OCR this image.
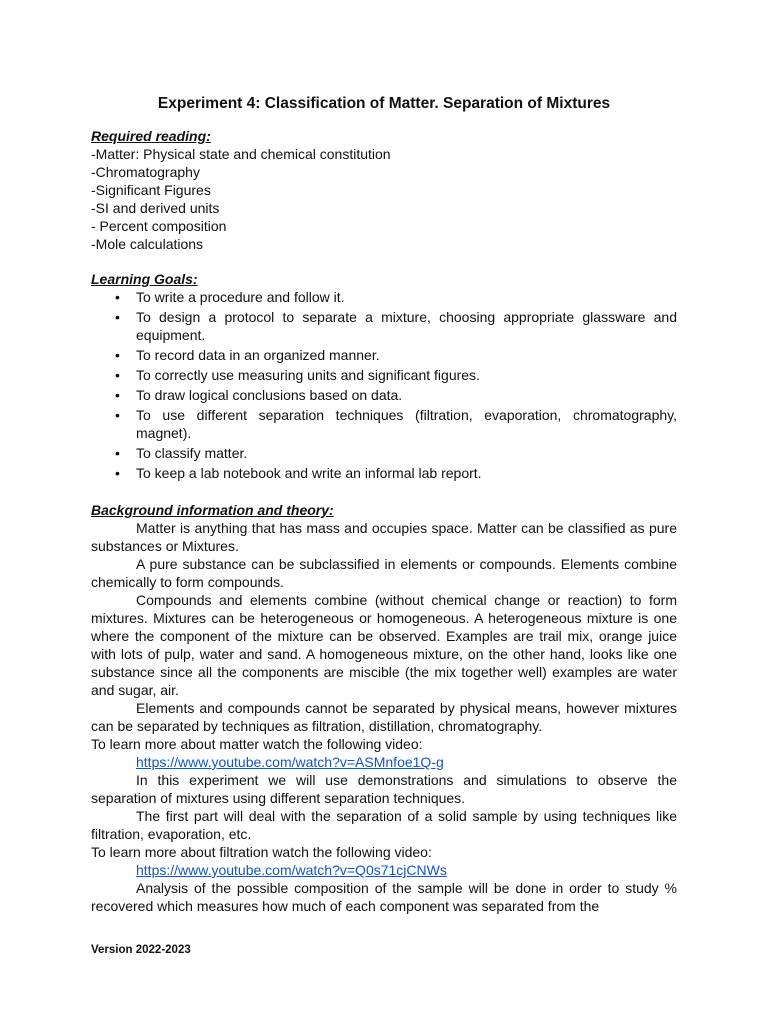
Experiment 4: Classification of Matter. Separation of Mixtures

Required reading:

-Matter: Physical state and chemical constitution

-Chromatography

-Significant Figures

-SI and derived units

- Percent composition

-Mole calculations

Learning Goals:

• To write a procedure and follow it.
• To design a protocol to separate a mixture, choosing appropriate glassware and equipment.
• To record data in an organized manner.
• To correctly use measuring units and significant figures.
• To draw logical conclusions based on data.
• To use different separation techniques (filtration, evaporation, chromatography, magnet).
• To classify matter.
• To keep a lab notebook and write an informal lab report.

Background information and theory:

Matter is anything that has mass and occupies space. Matter can be classified as pure substances or Mixtures.

A pure substance can be subclassified in elements or compounds. Elements combine chemically to form compounds.

Compounds and elements combine (without chemical change or reaction) to form mixtures. Mixtures can be heterogeneous or homogeneous. A heterogeneous mixture is one where the component of the mixture can be observed. Examples are trail mix, orange juice with lots of pulp, water and sand. A homogeneous mixture, on the other hand, looks like one substance since all the components are miscible (the mix together well) examples are water and sugar, air.

Elements and compounds cannot be separated by physical means, however mixtures can be separated by techniques as filtration, distillation, chromatography.

To learn more about matter watch the following video:

https://www.youtube.com/watch?v=ASMnfoe1Q-g

In this experiment we will use demonstrations and simulations to observe the separation of mixtures using different separation techniques.

The first part will deal with the separation of a solid sample by using techniques like filtration, evaporation, etc.

To learn more about filtration watch the following video:

https://www.youtube.com/watch?v=Q0s71cjCNWs

Analysis of the possible composition of the sample will be done in order to study % recovered which measures how much of each component was separated from the

Version 2022-2023
